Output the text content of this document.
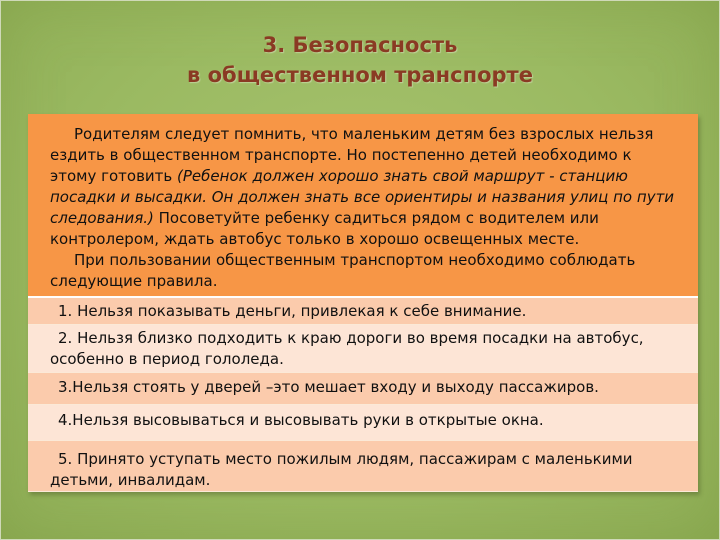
3. Безопасность
в общественном транспорте

Родителям следует помнить, что маленьким детям без взрослых нельзя ездить в общественном транспорте. Но постепенно детей необходимо к этому готовить (Ребенок должен хорошо знать свой маршрут - станцию посадки и высадки. Он должен знать все ориентиры и названия улиц по пути следования.) Посоветуйте ребенку садиться рядом с водителем или контролером, ждать автобус только в хорошо освещенных месте.

При пользовании общественным транспортом необходимо соблюдать следующие правила.

1. Нельзя показывать деньги, привлекая к себе внимание.
2. Нельзя близко подходить к краю дороги во время посадки на автобус, особенно в период гололеда.
3.Нельзя стоять у дверей –это мешает входу и выходу пассажиров.
4.Нельзя высовываться и высовывать руки в открытые окна.
5. Принято уступать место пожилым людям, пассажирам с маленькими детьми, инвалидам.
